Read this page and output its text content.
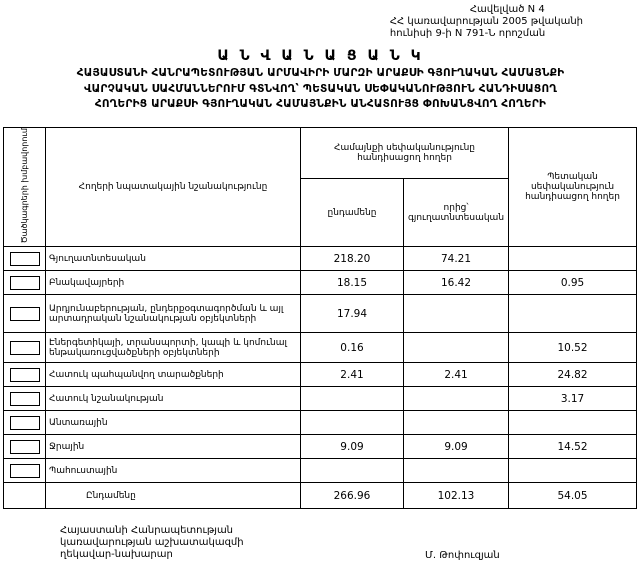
Հավելված N 4
ՀՀ կառավարության 2005 թվականի
հունիսի 9-ի N 791-Ն որոշման
Ա Ն Վ Ա Ն Ա Ց Ա Ն Կ
ՀԱՅԱՍՏԱՆԻ ՀԱՆՐԱՊԵՏՈՒԹՅԱՆ ԱՐՄԱՎԻՐԻ ՄԱՐԶԻ ԱՐԱՔՍԻ ԳՅՈՒՂԱԿԱՆ ՀԱՄԱՅՆՔԻ
ՎԱՐՉԱԿԱՆ ՍԱՀՄԱՆՆԵՐՈՒՄ ԳՏՆՎՈՂ՝ ՊԵՏԱԿԱՆ ՍԵՓԱԿԱՆՈՒԹՅՈՒՆ ՀԱՆԴԻՍԱՑՈՂ
ՀՈՂԵՐԻՑ ԱՐԱՔՍԻ ԳՅՈՒՂԱԿԱՆ ՀԱՄԱՅՆՔԻՆ ԱՆՀԱՏՈՒՅՑ ՓՈԽԱՆՑՎՈՂ ՀՈՂԵՐԻ
Ծածկագրերի խմբավորում	Հողերի նպատակային նշանակությունը	Համայնքի սեփականությունը հանդիսացող հողեր		Պետական սեփականություն հանդիսացող հողեր
		ընդամենը	որից՝ գյուղատնտեսական	

	Գյուղատնտեսական	218.20	74.21	

	Բնակավայրերի	18.15	16.42	0.95

	Արդյունաբերության, ընդերքօգտագործման և այլ արտադրական նշանակության օբյեկտների	17.94		

	Էներգետիկայի, տրանսպորտի, կապի և կոմունալ ենթակառուցվածքների օբյեկտների	0.16		10.52

	Հատուկ պահպանվող տարածքների	2.41	2.41	24.82

	Հատուկ նշանակության			3.17

	Անտառային			

	Ջրային	9.09	9.09	14.52

	Պահուստային			
	Ընդամենը	266.96	102.13	54.05
Հայաստանի Հանրապետության
կառավարության աշխատակազմի
ղեկավար-նախարար	Մ. Թոփուզյան
